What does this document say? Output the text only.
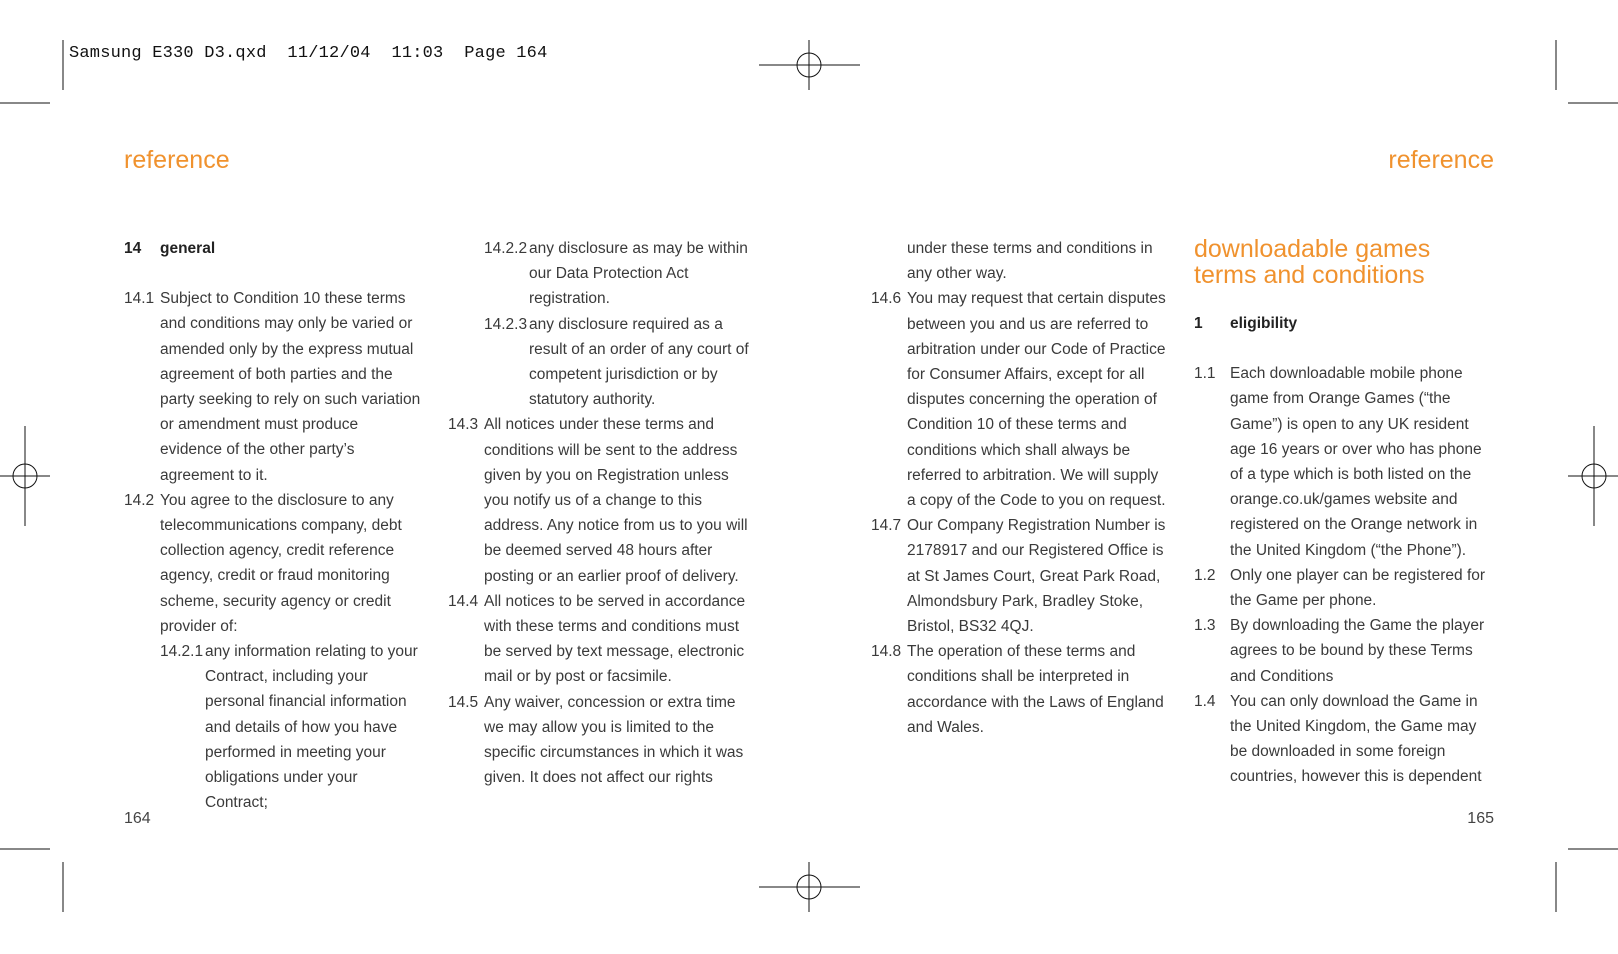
Samsung E330 D3.qxd  11/12/04  11:03  Page 164
reference	reference
14	general
14.1 Subject to Condition 10 these terms and conditions may only be varied or amended only by the express mutual agreement of both parties and the party seeking to rely on such variation or amendment must produce evidence of the other party’s agreement to it.
14.2 You agree to the disclosure to any telecommunications company, debt collection agency, credit reference agency, credit or fraud monitoring scheme, security agency or credit provider of:
14.2.1 any information relating to your Contract, including your personal financial information and details of how you have performed in meeting your obligations under your Contract;
14.2.2 any disclosure as may be within our Data Protection Act registration.
14.2.3 any disclosure required as a result of an order of any court of competent jurisdiction or by statutory authority.
14.3 All notices under these terms and conditions will be sent to the address given by you on Registration unless you notify us of a change to this address. Any notice from us to you will be deemed served 48 hours after posting or an earlier proof of delivery.
14.4 All notices to be served in accordance with these terms and conditions must be served by text message, electronic mail or by post or facsimile.
14.5 Any waiver, concession or extra time we may allow you is limited to the specific circumstances in which it was given. It does not affect our rights
under these terms and conditions in any other way.
14.6 You may request that certain disputes between you and us are referred to arbitration under our Code of Practice for Consumer Affairs, except for all disputes concerning the operation of Condition 10 of these terms and conditions which shall always be referred to arbitration. We will supply a copy of the Code to you on request.
14.7 Our Company Registration Number is 2178917 and our Registered Office is at St James Court, Great Park Road, Almondsbury Park, Bradley Stoke, Bristol, BS32 4QJ.
14.8 The operation of these terms and conditions shall be interpreted in accordance with the Laws of England and Wales.
downloadable games
terms and conditions
1	eligibility
1.1 Each downloadable mobile phone game from Orange Games (“the Game”) is open to any UK resident age 16 years or over who has phone of a type which is both listed on the orange.co.uk/games website and registered on the Orange network in the United Kingdom (“the Phone”).
1.2 Only one player can be registered for the Game per phone.
1.3 By downloading the Game the player agrees to be bound by these Terms and Conditions
1.4 You can only download the Game in the United Kingdom, the Game may be downloaded in some foreign countries, however this is dependent
164	165
